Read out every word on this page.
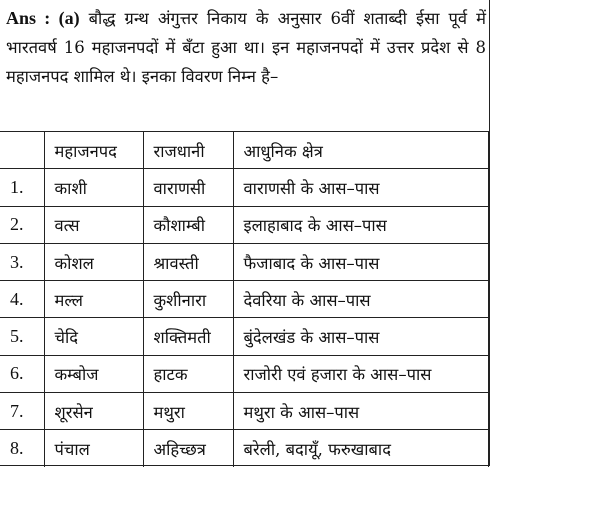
Ans : (a) बौद्ध ग्रन्थ अंगुत्तर निकाय के अनुसार 6वीं शताब्दी ईसा पूर्व में भारतवर्ष 16 महाजनपदों में बँटा हुआ था। इन महाजनपदों में उत्तर प्रदेश से 8 महाजनपद शामिल थे। इनका विवरण निम्न है–
	महाजनपद	राजधानी	आधुनिक क्षेत्र
1.	काशी	वाराणसी	वाराणसी के आस–पास
2.	वत्स	कौशाम्बी	इलाहाबाद के आस–पास
3.	कोशल	श्रावस्ती	फैजाबाद के आस–पास
4.	मल्ल	कुशीनारा	देवरिया के आस–पास
5.	चेदि	शक्तिमती	बुंदेलखंड के आस–पास
6.	कम्बोज	हाटक	राजोरी एवं हजारा के आस–पास
7.	शूरसेन	मथुरा	मथुरा के आस–पास
8.	पंचाल	अहिच्छत्र	बरेली, बदायूँ, फरुखाबाद
